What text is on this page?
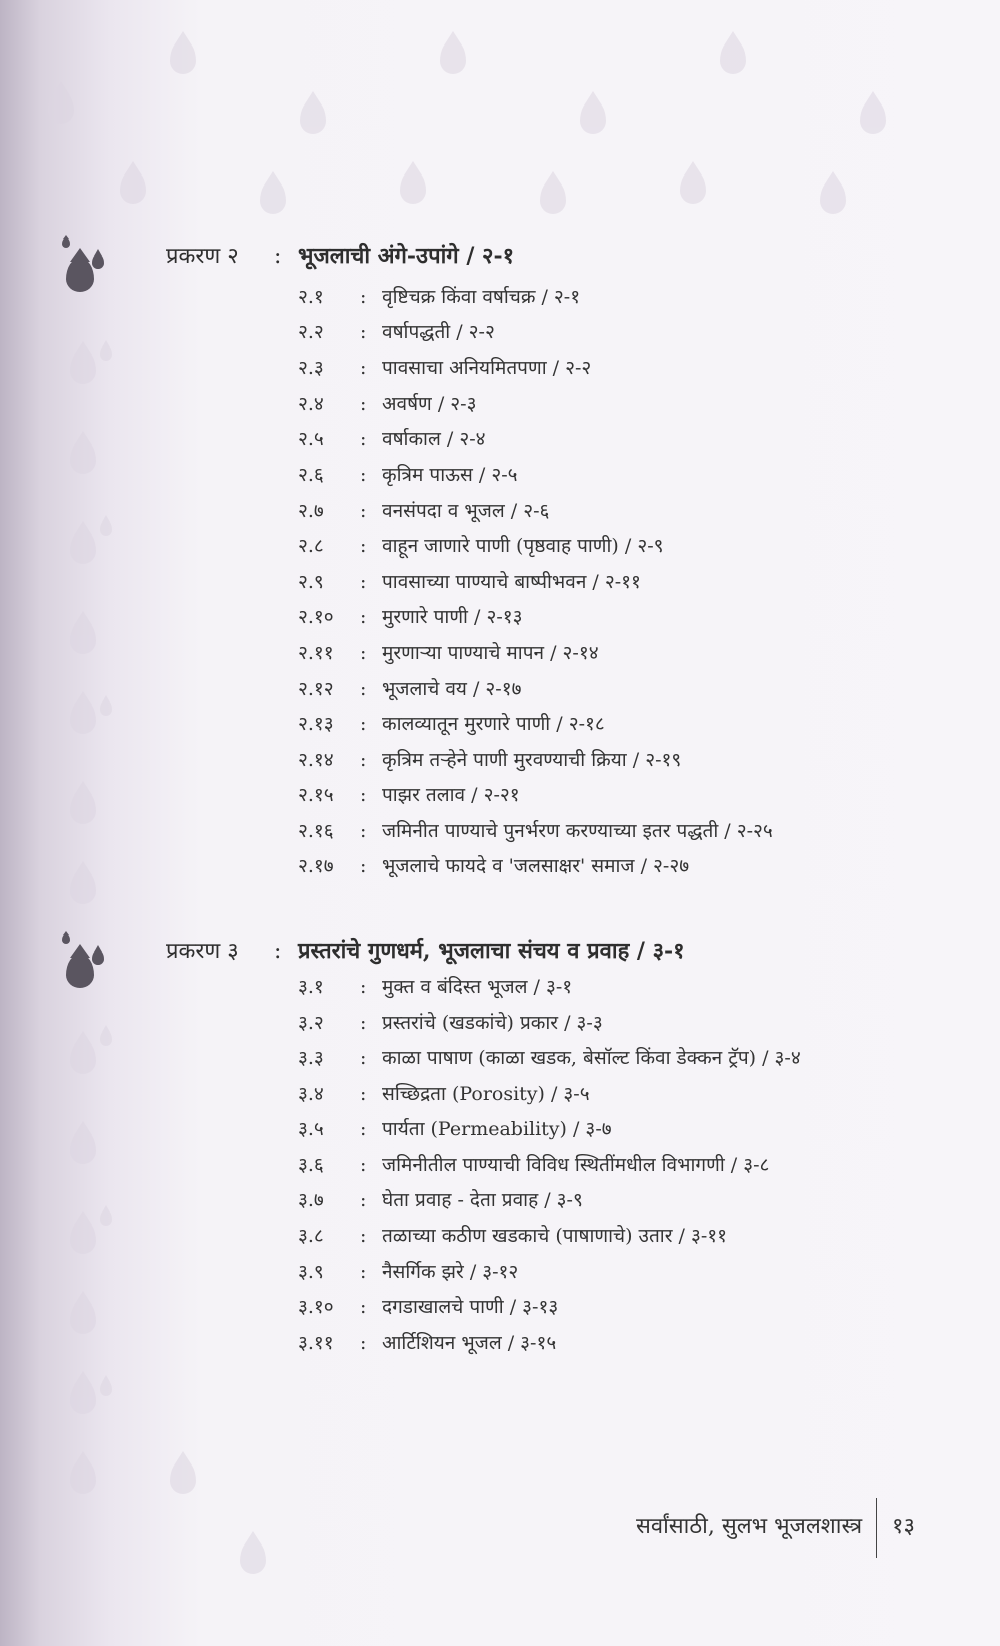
प्रकरण २ : भूजलाची अंगे-उपांगे / २-१
२.१ : वृष्टिचक्र किंवा वर्षाचक्र / २-१
२.२ : वर्षापद्धती / २-२
२.३ : पावसाचा अनियमितपणा / २-२
२.४ : अवर्षण / २-३
२.५ : वर्षाकाल / २-४
२.६ : कृत्रिम पाऊस / २-५
२.७ : वनसंपदा व भूजल / २-६
२.८ : वाहून जाणारे पाणी (पृष्ठवाह पाणी) / २-९
२.९ : पावसाच्या पाण्याचे बाष्पीभवन / २-११
२.१० : मुरणारे पाणी / २-१३
२.११ : मुरणाऱ्या पाण्याचे मापन / २-१४
२.१२ : भूजलाचे वय / २-१७
२.१३ : कालव्यातून मुरणारे पाणी / २-१८
२.१४ : कृत्रिम तऱ्हेने पाणी मुरवण्याची क्रिया / २-१९
२.१५ : पाझर तलाव / २-२१
२.१६ : जमिनीत पाण्याचे पुनर्भरण करण्याच्या इतर पद्धती / २-२५
२.१७ : भूजलाचे फायदे व 'जलसाक्षर' समाज / २-२७
प्रकरण ३ : प्रस्तरांचे गुणधर्म, भूजलाचा संचय व प्रवाह / ३-१
३.१ : मुक्त व बंदिस्त भूजल / ३-१
३.२ : प्रस्तरांचे (खडकांचे) प्रकार / ३-३
३.३ : काळा पाषाण (काळा खडक, बेसॉल्ट किंवा डेक्कन ट्रॅप) / ३-४
३.४ : सच्छिद्रता (Porosity) / ३-५
३.५ : पार्यता (Permeability) / ३-७
३.६ : जमिनीतील पाण्याची विविध स्थितींमधील विभागणी / ३-८
३.७ : घेता प्रवाह - देता प्रवाह / ३-९
३.८ : तळाच्या कठीण खडकाचे (पाषाणाचे) उतार / ३-११
३.९ : नैसर्गिक झरे / ३-१२
३.१० : दगडाखालचे पाणी / ३-१३
३.११ : आर्टिशियन भूजल / ३-१५
सर्वांसाठी, सुलभ भूजलशास्त्र १३
